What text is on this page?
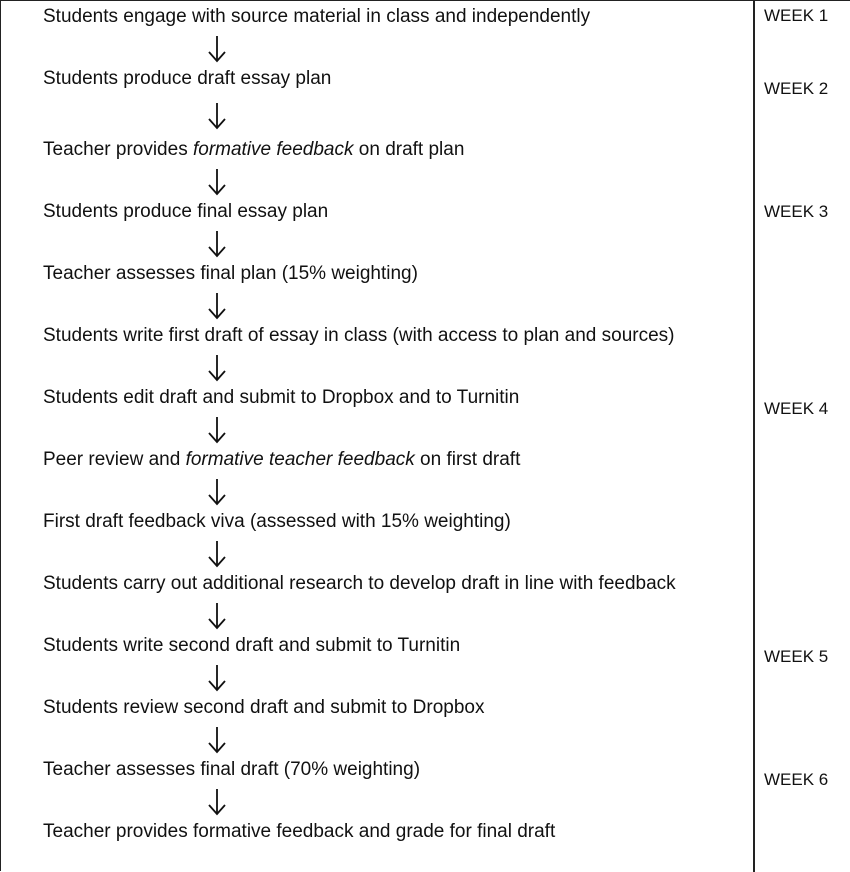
Students engage with source material in class and independently
Students produce draft essay plan
Teacher provides formative feedback on draft plan
Students produce final essay plan
Teacher assesses final plan (15% weighting)
Students write first draft of essay in class (with access to plan and sources)
Students edit draft and submit to Dropbox and to Turnitin
Peer review and formative teacher feedback on first draft
First draft feedback viva (assessed with 15% weighting)
Students carry out additional research to develop draft in line with feedback
Students write second draft and submit to Turnitin
Students review second draft and submit to Dropbox
Teacher assesses final draft (70% weighting)
Teacher provides formative feedback and grade for final draft
WEEK 1
WEEK 2
WEEK 3
WEEK 4
WEEK 5
WEEK 6
